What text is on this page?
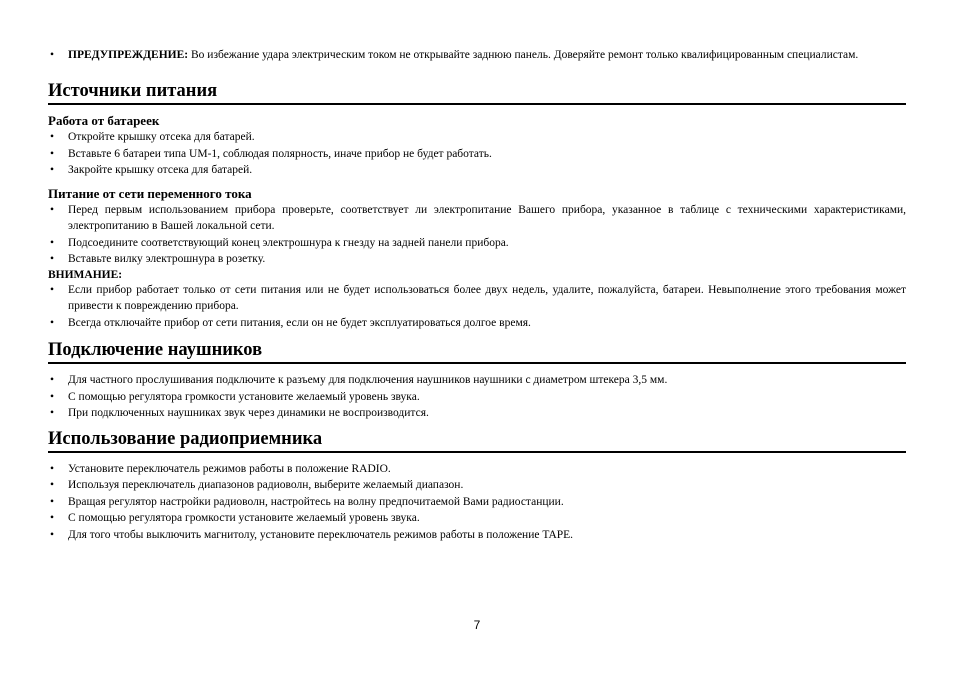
• ПРЕДУПРЕЖДЕНИЕ: Во избежание удара электрическим током не открывайте заднюю панель. Доверяйте ремонт только квалифицированным специалистам.
Источники питания
Работа от батареек
• Откройте крышку отсека для батарей.
• Вставьте 6 батареи типа UM-1, соблюдая полярность, иначе прибор не будет работать.
• Закройте крышку отсека для батарей.
Питание от сети переменного тока
• Перед первым использованием прибора проверьте, соответствует ли электропитание Вашего прибора, указанное в таблице с техническими характеристиками, электропитанию в Вашей локальной сети.
• Подсоедините соответствующий конец электрошнура к гнезду на задней панели прибора.
• Вставьте вилку электрошнура в розетку.
ВНИМАНИЕ:
• Если прибор работает только от сети питания или не будет использоваться более двух недель, удалите, пожалуйста, батареи. Невыполнение этого требования может привести к повреждению прибора.
• Всегда отключайте прибор от сети питания, если он не будет эксплуатироваться долгое время.
Подключение наушников
• Для частного прослушивания подключите к разъему для подключения наушников наушники с диаметром штекера 3,5 мм.
• С помощью регулятора громкости установите желаемый уровень звука.
• При подключенных наушниках звук через динамики не воспроизводится.
Использование радиоприемника
• Установите переключатель режимов работы в положение RADIO.
• Используя переключатель диапазонов радиоволн, выберите желаемый диапазон.
• Вращая регулятор настройки радиоволн, настройтесь на волну предпочитаемой Вами радиостанции.
• С помощью регулятора громкости установите желаемый уровень звука.
• Для того чтобы выключить магнитолу, установите переключатель режимов работы в положение TAPE.
7
